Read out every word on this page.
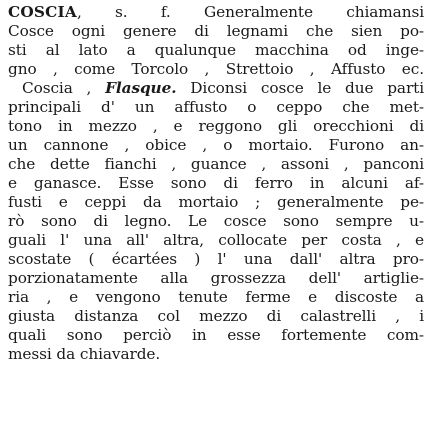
COSCIA, s. f. Generalmente chiamansi
Cosce ogni genere di legnami che sien po-
sti al lato a qualunque macchina od inge-
gno , come Torcolo , Strettoio , Affusto ec.
Coscia , Flasque. Diconsi cosce le due parti
principali d' un affusto o ceppo che met-
tono in mezzo , e reggono gli orecchioni di
un cannone , obice , o mortaio. Furono an-
che dette fianchi , guance , assoni , panconi
e ganasce. Esse sono di ferro in alcuni af-
fusti e ceppi da mortaio ; generalmente pe-
rò sono di legno. Le cosce sono sempre u-
guali l' una all' altra, collocate per costa , e
scostate ( écartées ) l' una dall' altra pro-
porzionatamente alla grossezza dell' artiglie-
ria , e vengono tenute ferme e discoste a
giusta distanza col mezzo di calastrelli , i
quali sono perciò in esse fortemente com-
messi da chiavarde.
